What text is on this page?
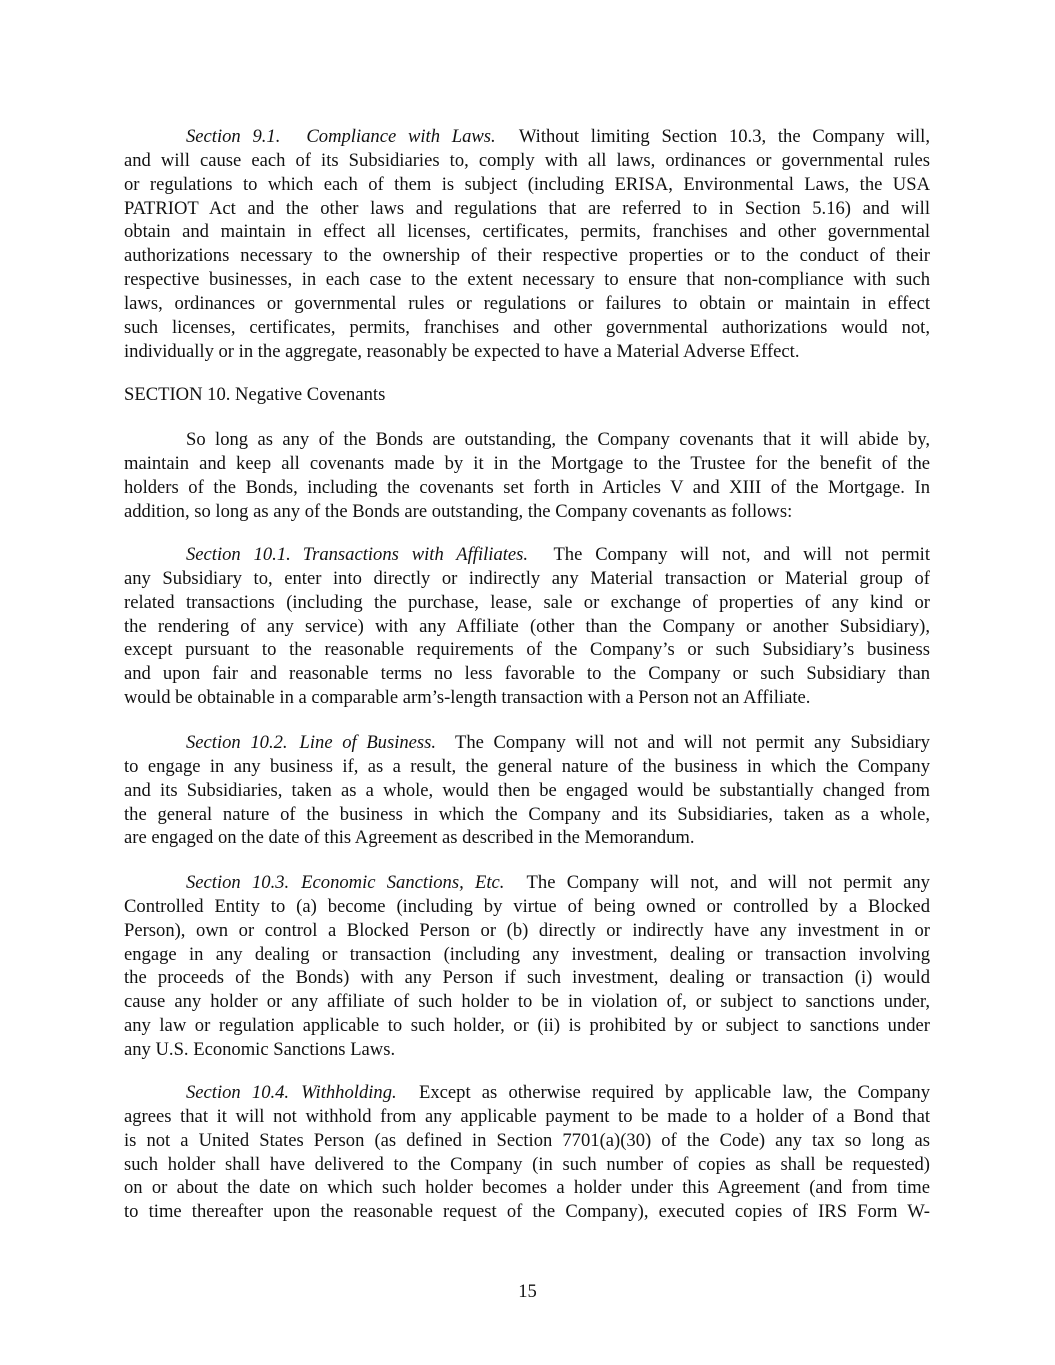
Section 9.1. Compliance with Laws. Without limiting Section 10.3, the Company will,
and will cause each of its Subsidiaries to, comply with all laws, ordinances or governmental rules
or regulations to which each of them is subject (including ERISA, Environmental Laws, the USA
PATRIOT Act and the other laws and regulations that are referred to in Section 5.16) and will
obtain and maintain in effect all licenses, certificates, permits, franchises and other governmental
authorizations necessary to the ownership of their respective properties or to the conduct of their
respective businesses, in each case to the extent necessary to ensure that non-compliance with such
laws, ordinances or governmental rules or regulations or failures to obtain or maintain in effect
such licenses, certificates, permits, franchises and other governmental authorizations would not,
individually or in the aggregate, reasonably be expected to have a Material Adverse Effect.
SECTION 10. Negative Covenants
So long as any of the Bonds are outstanding, the Company covenants that it will abide by,
maintain and keep all covenants made by it in the Mortgage to the Trustee for the benefit of the
holders of the Bonds, including the covenants set forth in Articles V and XIII of the Mortgage. In
addition, so long as any of the Bonds are outstanding, the Company covenants as follows:
Section 10.1. Transactions with Affiliates. The Company will not, and will not permit
any Subsidiary to, enter into directly or indirectly any Material transaction or Material group of
related transactions (including the purchase, lease, sale or exchange of properties of any kind or
the rendering of any service) with any Affiliate (other than the Company or another Subsidiary),
except pursuant to the reasonable requirements of the Company’s or such Subsidiary’s business
and upon fair and reasonable terms no less favorable to the Company or such Subsidiary than
would be obtainable in a comparable arm’s-length transaction with a Person not an Affiliate.
Section 10.2. Line of Business. The Company will not and will not permit any Subsidiary
to engage in any business if, as a result, the general nature of the business in which the Company
and its Subsidiaries, taken as a whole, would then be engaged would be substantially changed from
the general nature of the business in which the Company and its Subsidiaries, taken as a whole,
are engaged on the date of this Agreement as described in the Memorandum.
Section 10.3. Economic Sanctions, Etc. The Company will not, and will not permit any
Controlled Entity to (a) become (including by virtue of being owned or controlled by a Blocked
Person), own or control a Blocked Person or (b) directly or indirectly have any investment in or
engage in any dealing or transaction (including any investment, dealing or transaction involving
the proceeds of the Bonds) with any Person if such investment, dealing or transaction (i) would
cause any holder or any affiliate of such holder to be in violation of, or subject to sanctions under,
any law or regulation applicable to such holder, or (ii) is prohibited by or subject to sanctions under
any U.S. Economic Sanctions Laws.
Section 10.4. Withholding. Except as otherwise required by applicable law, the Company
agrees that it will not withhold from any applicable payment to be made to a holder of a Bond that
is not a United States Person (as defined in Section 7701(a)(30) of the Code) any tax so long as
such holder shall have delivered to the Company (in such number of copies as shall be requested)
on or about the date on which such holder becomes a holder under this Agreement (and from time
to time thereafter upon the reasonable request of the Company), executed copies of IRS Form W-
15
